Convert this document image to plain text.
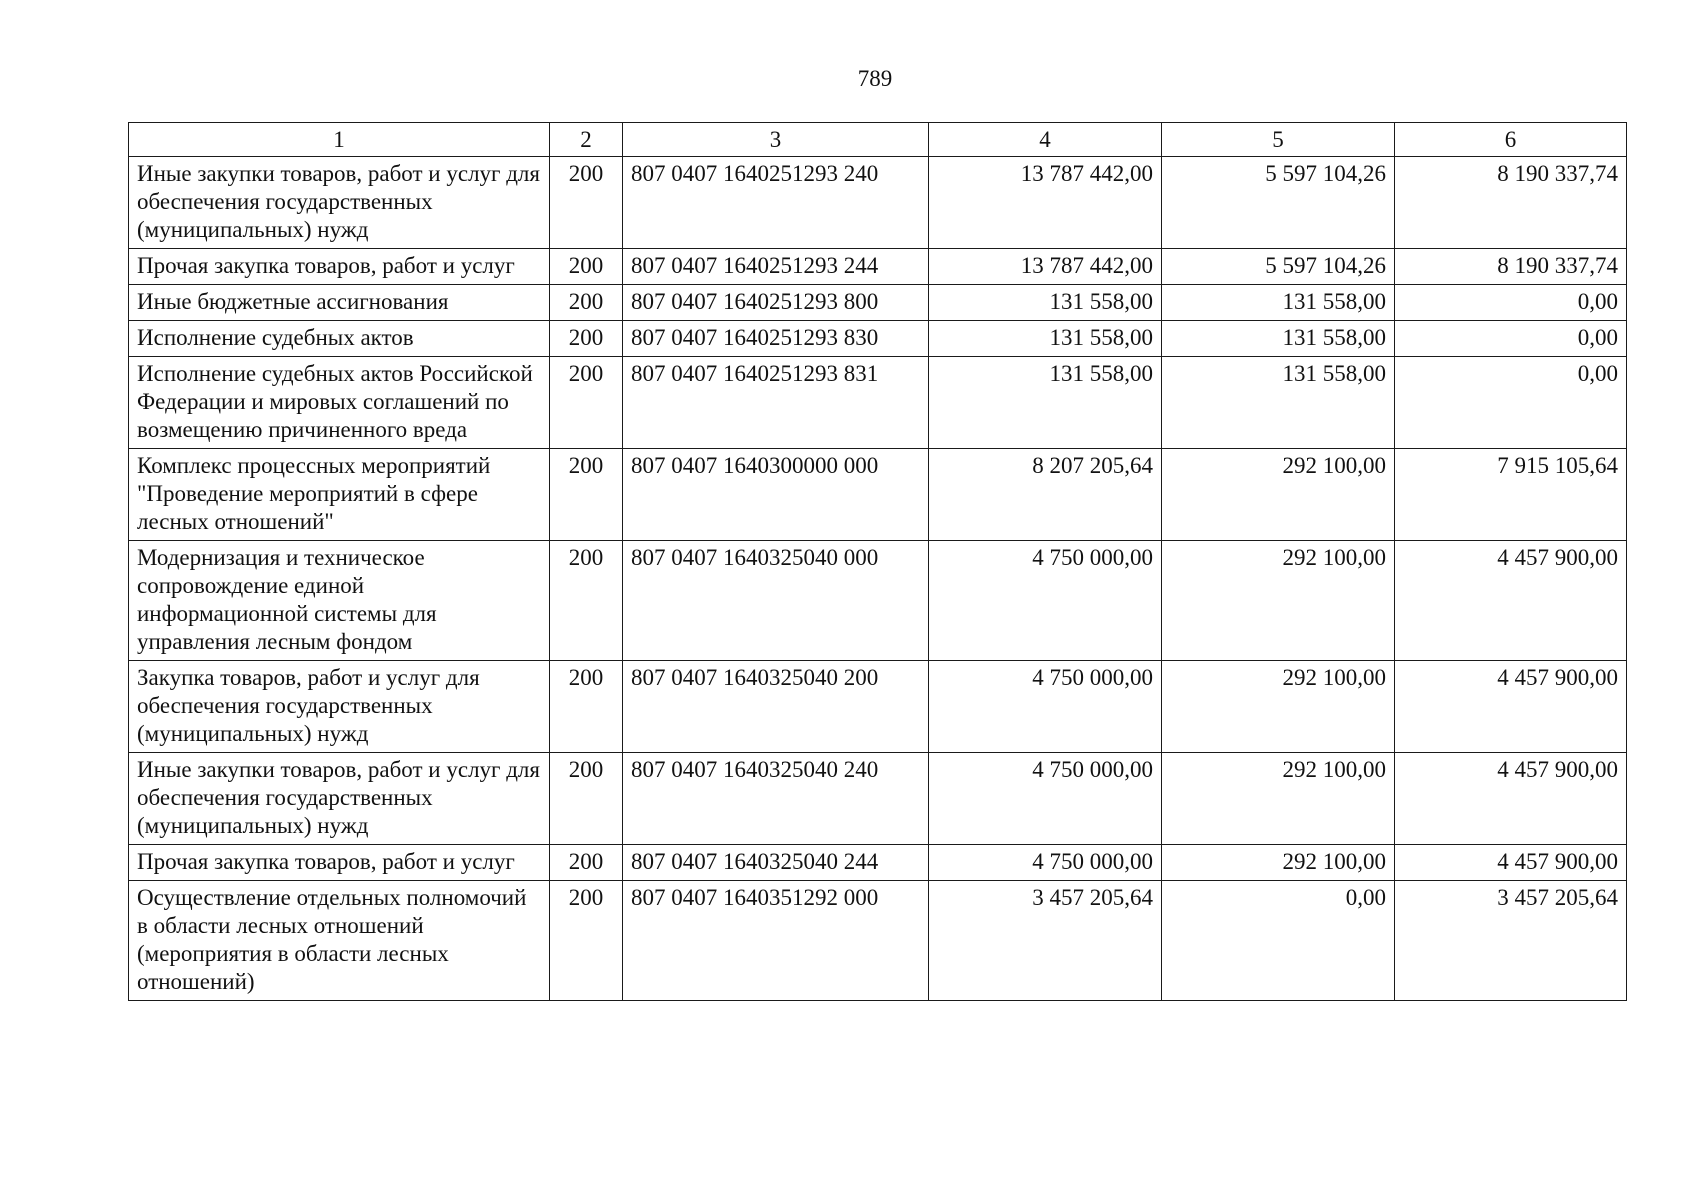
789
1	2	3	4	5	6
Иные закупки товаров, работ и услуг для обеспечения государственных (муниципальных) нужд	200	807 0407 1640251293 240	13 787 442,00	5 597 104,26	8 190 337,74
Прочая закупка товаров, работ и услуг	200	807 0407 1640251293 244	13 787 442,00	5 597 104,26	8 190 337,74
Иные бюджетные ассигнования	200	807 0407 1640251293 800	131 558,00	131 558,00	0,00
Исполнение судебных актов	200	807 0407 1640251293 830	131 558,00	131 558,00	0,00
Исполнение судебных актов Российской Федерации и мировых соглашений по возмещению причиненного вреда	200	807 0407 1640251293 831	131 558,00	131 558,00	0,00
Комплекс процессных мероприятий "Проведение мероприятий в сфере лесных отношений"	200	807 0407 1640300000 000	8 207 205,64	292 100,00	7 915 105,64
Модернизация и техническое сопровождение единой информационной системы для управления лесным фондом	200	807 0407 1640325040 000	4 750 000,00	292 100,00	4 457 900,00
Закупка товаров, работ и услуг для обеспечения государственных (муниципальных) нужд	200	807 0407 1640325040 200	4 750 000,00	292 100,00	4 457 900,00
Иные закупки товаров, работ и услуг для обеспечения государственных (муниципальных) нужд	200	807 0407 1640325040 240	4 750 000,00	292 100,00	4 457 900,00
Прочая закупка товаров, работ и услуг	200	807 0407 1640325040 244	4 750 000,00	292 100,00	4 457 900,00
Осуществление отдельных полномочий в области лесных отношений (мероприятия в области лесных отношений)	200	807 0407 1640351292 000	3 457 205,64	0,00	3 457 205,64
